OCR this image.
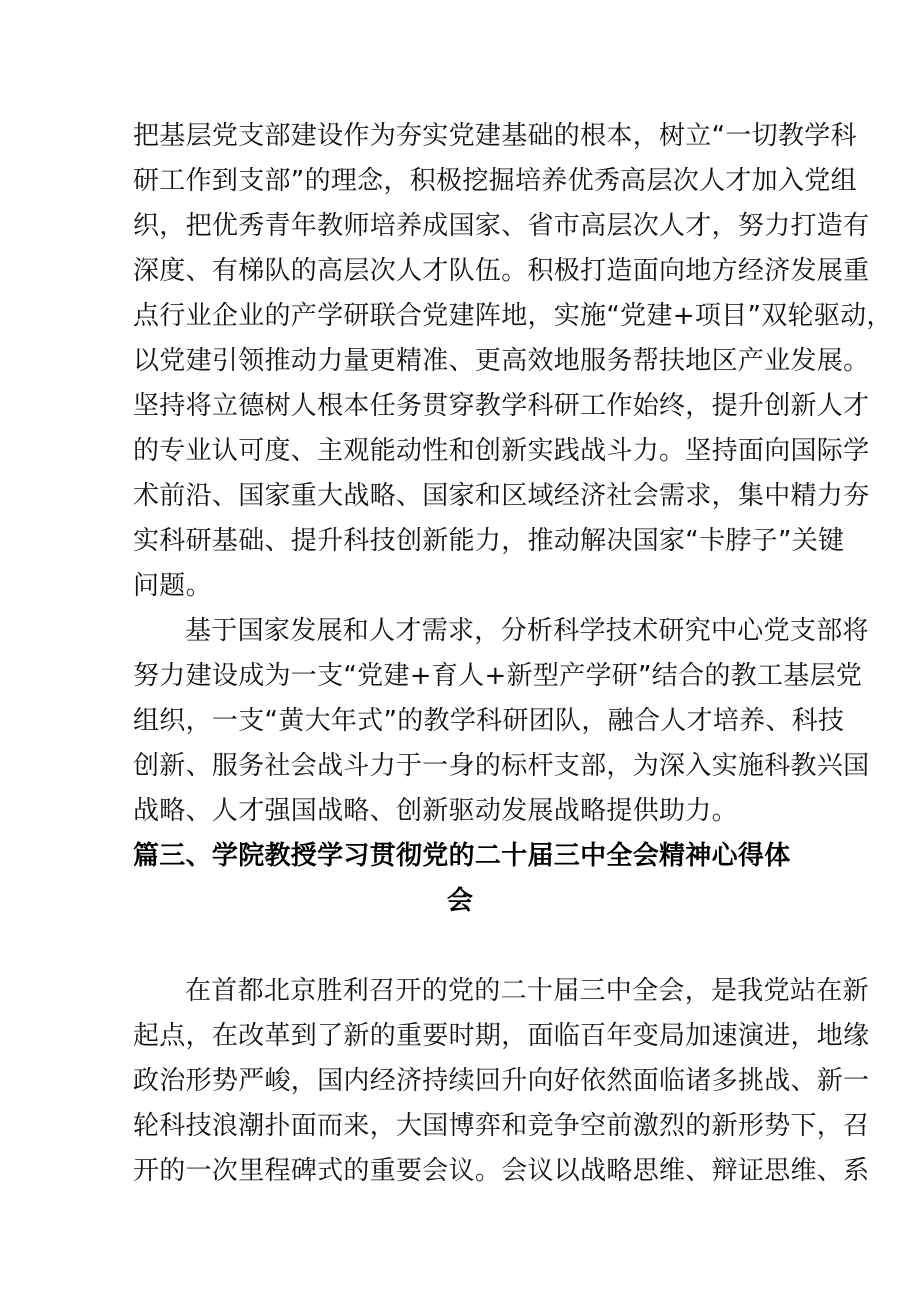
把基层党支部建设作为夯实党建基础的根本，树立“一切教学科
研工作到支部”的理念，积极挖掘培养优秀高层次人才加入党组
织，把优秀青年教师培养成国家、省市高层次人才，努力打造有
深度、有梯队的高层次人才队伍。积极打造面向地方经济发展重
点行业企业的产学研联合党建阵地，实施“党建+项目”双轮驱动，
以党建引领推动力量更精准、更高效地服务帮扶地区产业发展。
坚持将立德树人根本任务贯穿教学科研工作始终，提升创新人才
的专业认可度、主观能动性和创新实践战斗力。坚持面向国际学
术前沿、国家重大战略、国家和区域经济社会需求，集中精力夯
实科研基础、提升科技创新能力，推动解决国家“卡脖子”关键
问题。
基于国家发展和人才需求，分析科学技术研究中心党支部将
努力建设成为一支“党建+育人+新型产学研”结合的教工基层党
组织，一支“黄大年式”的教学科研团队，融合人才培养、科技
创新、服务社会战斗力于一身的标杆支部，为深入实施科教兴国
战略、人才强国战略、创新驱动发展战略提供助力。
篇三、学院教授学习贯彻党的二十届三中全会精神心得体
会
在首都北京胜利召开的党的二十届三中全会，是我党站在新
起点，在改革到了新的重要时期，面临百年变局加速演进，地缘
政治形势严峻，国内经济持续回升向好依然面临诸多挑战、新一
轮科技浪潮扑面而来，大国博弈和竞争空前激烈的新形势下，召
开的一次里程碑式的重要会议。会议以战略思维、辩证思维、系
